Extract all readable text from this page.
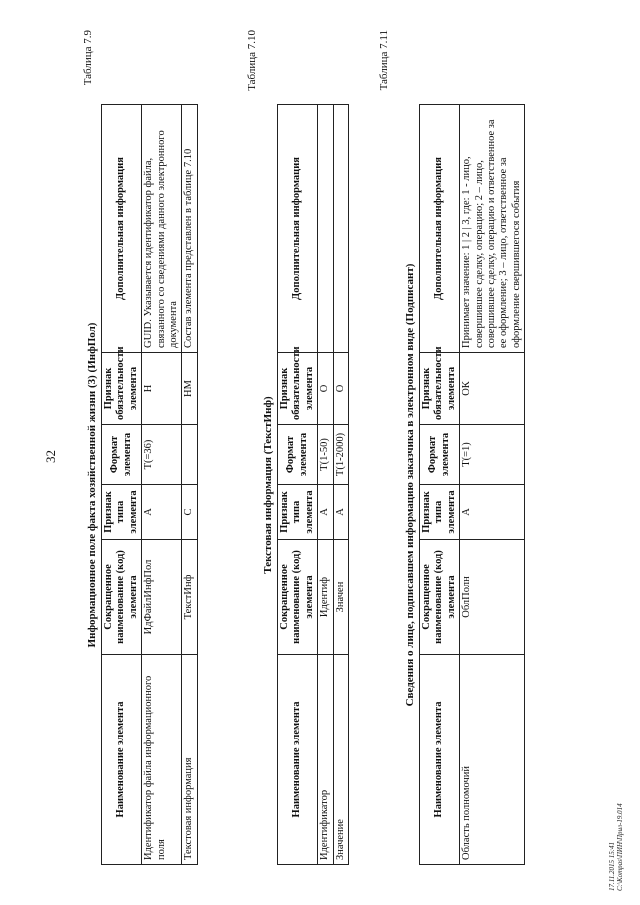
32
Таблица 7.9
Информационное поле факта хозяйственной жизни (3) (ИнфПол)
Наименование элемента	Сокращенное наименование (код) элемента	Признак типа элемента	Формат элемента	Признак обязательности элемента	Дополнительная информация
Идентификатор файла информационного поля	ИдФайлИнфПол	А	Т(=36)	Н	GUID. Указывается идентификатор файла, связанного со сведениями данного электронного документа
Текстовая информация	ТекстИнф	С		НМ	Состав элемента представлен в таблице 7.10
Таблица 7.10
Текстовая информация (ТекстИнф)
Наименование элемента	Сокращенное наименование (код) элемента	Признак типа элемента	Формат элемента	Признак обязательности элемента	Дополнительная информация
Идентификатор	Идентиф	А	Т(1-50)	О	
Значение	Значен	А	Т(1-2000)	О	
Таблица 7.11
Сведения о лице, подписавшем информацию заказчика в электронном виде (Подписант)
Наименование элемента	Сокращенное наименование (код) элемента	Признак типа элемента	Формат элемента	Признак обязательности элемента	Дополнительная информация
Область полномочий	ОблПолн	А	Т(=1)	ОК	Принимает значение: 1 | 2 | 3, где: 1 - лицо, совершившее сделку, операцию; 2 – лицо, совершившее сделку, операцию и ответственное за ее оформление; 3 – лицо, ответственное за оформление свершившегося события
17.11.2015 15:41 C:\Kompas\ПИН\Прил-19.014
